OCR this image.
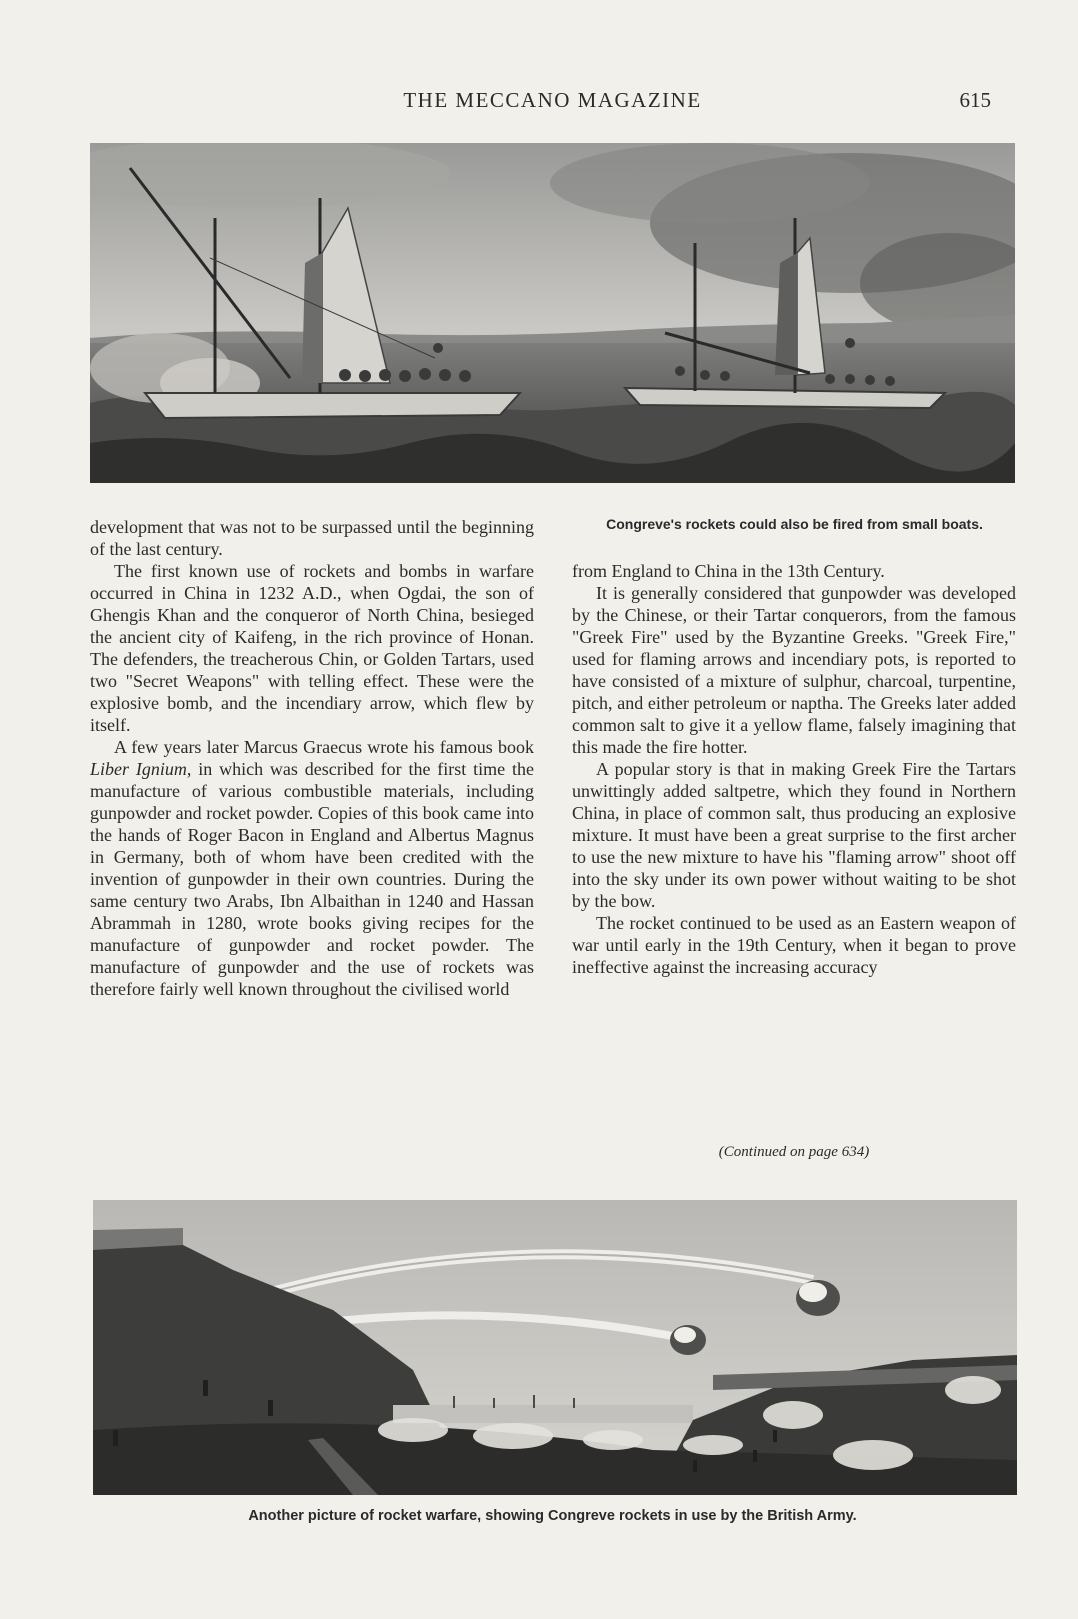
THE MECCANO MAGAZINE	615
Congreve's rockets could also be fired from small boats.

development that was not to be surpassed until the beginning of the last century.

The first known use of rockets and bombs in warfare occurred in China in 1232 A.D., when Ogdai, the son of Ghengis Khan and the conqueror of North China, besieged the ancient city of Kaifeng, in the rich province of Honan. The defenders, the treacherous Chin, or Golden Tartars, used two "Secret Weapons" with telling effect. These were the explosive bomb, and the incendiary arrow, which flew by itself.

A few years later Marcus Graecus wrote his famous book Liber Ignium, in which was described for the first time the manufacture of various combustible materials, including gunpowder and rocket powder. Copies of this book came into the hands of Roger Bacon in England and Albertus Magnus in Germany, both of whom have been credited with the invention of gunpowder in their own countries. During the same century two Arabs, Ibn Albaithan in 1240 and Hassan Abrammah in 1280, wrote books giving recipes for the manufacture of gunpowder and rocket powder. The manufacture of gunpowder and the use of rockets was therefore fairly well known throughout the civilised world

from England to China in the 13th Century.

It is generally considered that gunpowder was developed by the Chinese, or their Tartar conquerors, from the famous "Greek Fire" used by the Byzantine Greeks. "Greek Fire," used for flaming arrows and incendiary pots, is reported to have consisted of a mixture of sulphur, charcoal, turpentine, pitch, and either petroleum or naptha. The Greeks later added common salt to give it a yellow flame, falsely imagining that this made the fire hotter.

A popular story is that in making Greek Fire the Tartars unwittingly added saltpetre, which they found in Northern China, in place of common salt, thus producing an explosive mixture. It must have been a great surprise to the first archer to use the new mixture to have his "flaming arrow" shoot off into the sky under its own power without waiting to be shot by the bow.

The rocket continued to be used as an Eastern weapon of war until early in the 19th Century, when it began to prove ineffective against the increasing accuracy

(Continued on page 634)
Another picture of rocket warfare, showing Congreve rockets in use by the British Army.
